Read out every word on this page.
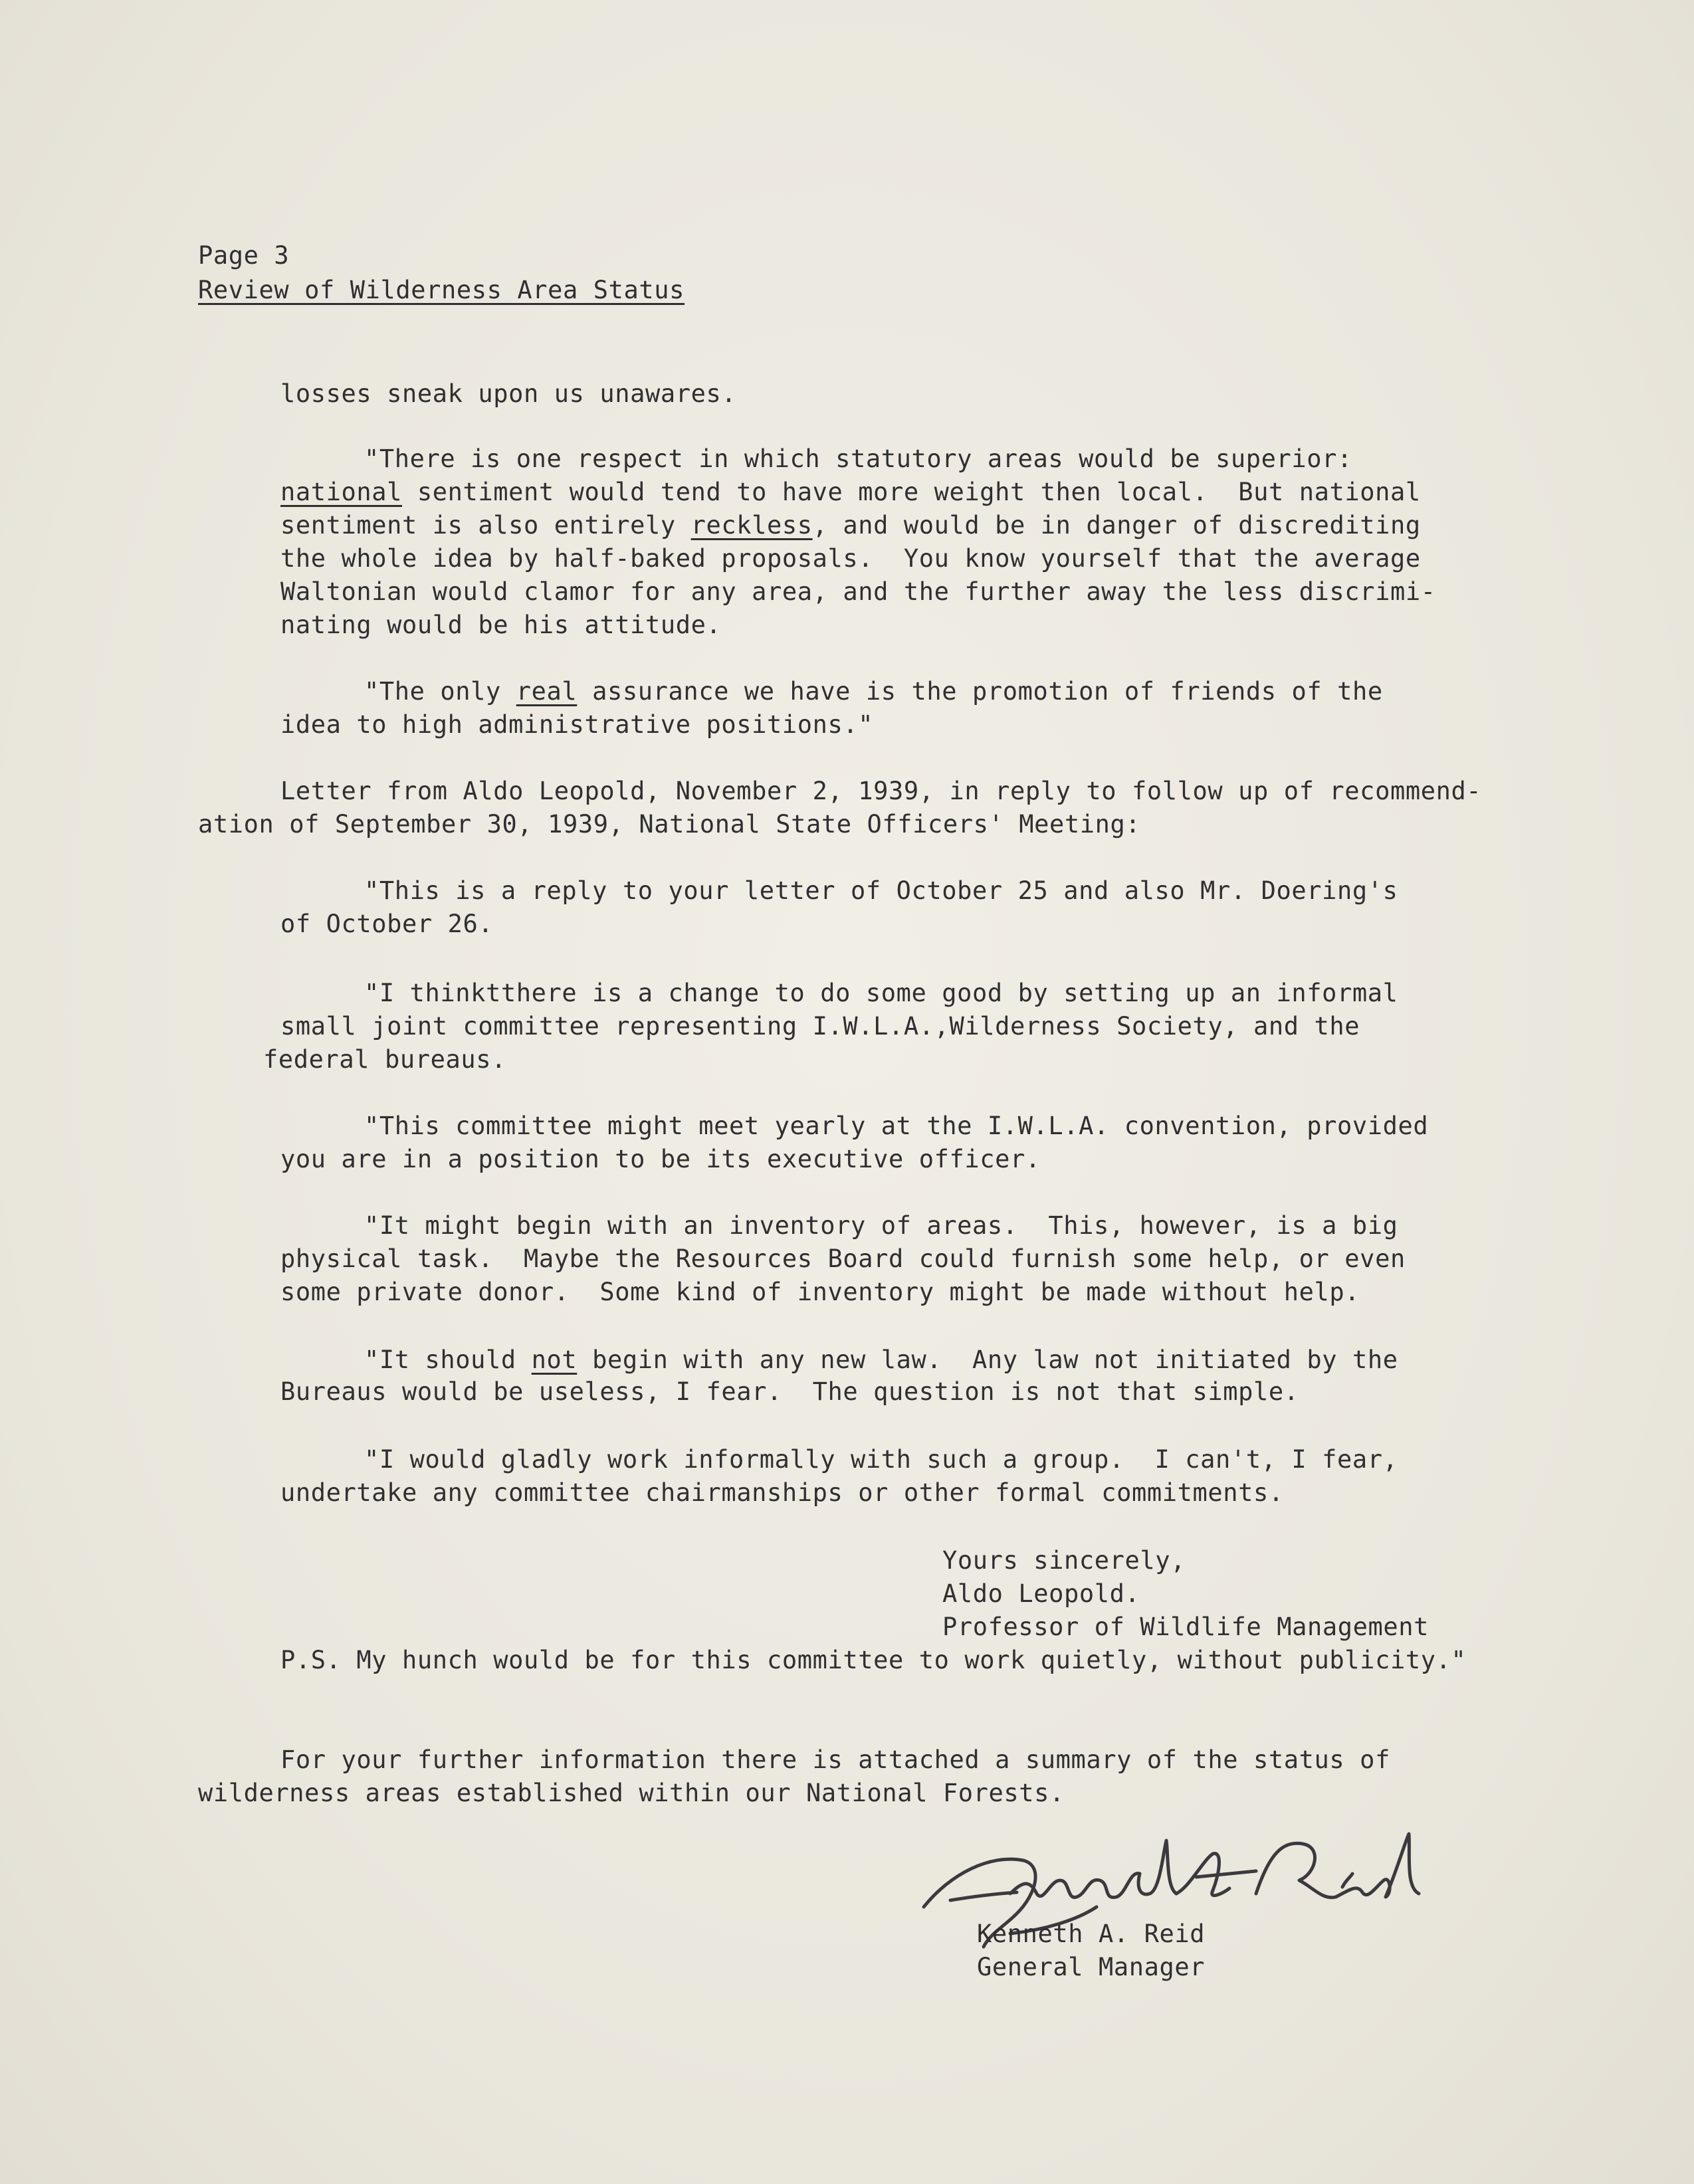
Page 3
Review of Wilderness Area Status
losses sneak upon us unawares.
"There is one respect in which statutory areas would be superior:
national sentiment would tend to have more weight then local.  But national
sentiment is also entirely reckless, and would be in danger of discrediting
the whole idea by half-baked proposals.  You know yourself that the average
Waltonian would clamor for any area, and the further away the less discrimi-
nating would be his attitude.
"The only real assurance we have is the promotion of friends of the
idea to high administrative positions."
Letter from Aldo Leopold, November 2, 1939, in reply to follow up of recommend-
ation of September 30, 1939, National State Officers' Meeting:
"This is a reply to your letter of October 25 and also Mr. Doering's
of October 26.
"I thinktthere is a change to do some good by setting up an informal
small joint committee representing I.W.L.A.,Wilderness Society, and the
federal bureaus.
"This committee might meet yearly at the I.W.L.A. convention, provided
you are in a position to be its executive officer.
"It might begin with an inventory of areas.  This, however, is a big
physical task.  Maybe the Resources Board could furnish some help, or even
some private donor.  Some kind of inventory might be made without help.
"It should not begin with any new law.  Any law not initiated by the
Bureaus would be useless, I fear.  The question is not that simple.
"I would gladly work informally with such a group.  I can't, I fear,
undertake any committee chairmanships or other formal commitments.
Yours sincerely,
Aldo Leopold.
Professor of Wildlife Management
P.S. My hunch would be for this committee to work quietly, without publicity."
For your further information there is attached a summary of the status of
wilderness areas established within our National Forests.
Kenneth A. Reid
General Manager
